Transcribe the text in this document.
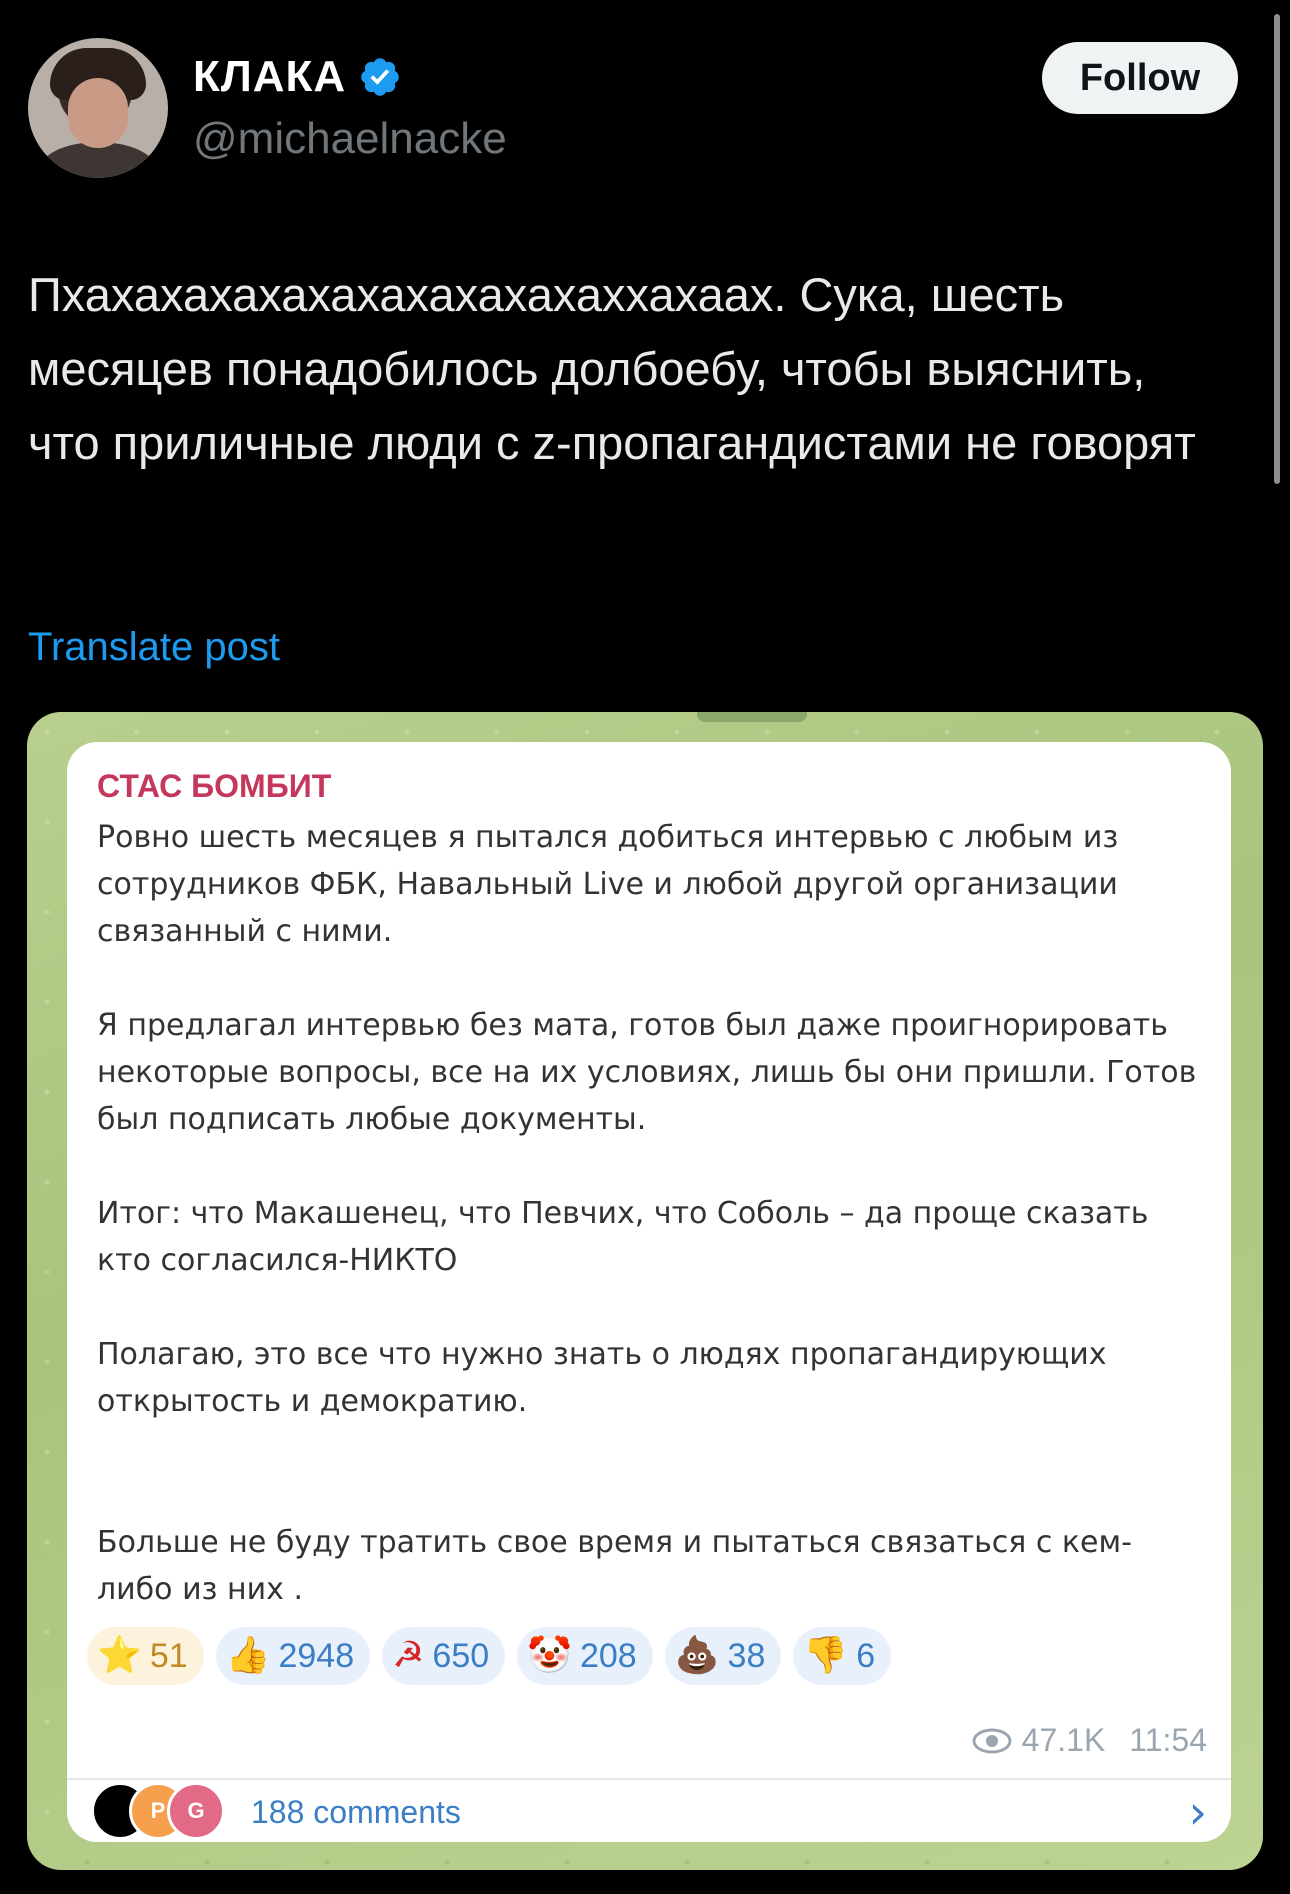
КЛАКА
@michaelnacke
Follow
Пхахахахахахахахахахахаххахаах. Сука, шесть месяцев понадобилось долбоебу, чтобы выяснить, что приличные люди с z-пропагандистами не говорят
Translate post
СТАС БОМБИТ

Ровно шесть месяцев я пытался добиться интервью с любым из сотрудников ФБК, Навальный Live и любой другой организации связанный с ними.

Я предлагал интервью без мата, готов был даже проигнорировать некоторые вопросы, все на их условиях, лишь бы они пришли. Готов был подписать любые документы.

Итог: что Макашенец, что Певчих, что Соболь – да проще сказать кто согласился-НИКТО

Полагаю, это все что нужно знать о людях пропагандирующих открытость и демократию.

Больше не буду тратить свое время и пытаться связаться с кем-либо из них .

⭐ 51 👍 2948 ☭ 650 🤡 208 💩 38 👎 6
47.1K 11:54
P	G	188 comments	›
